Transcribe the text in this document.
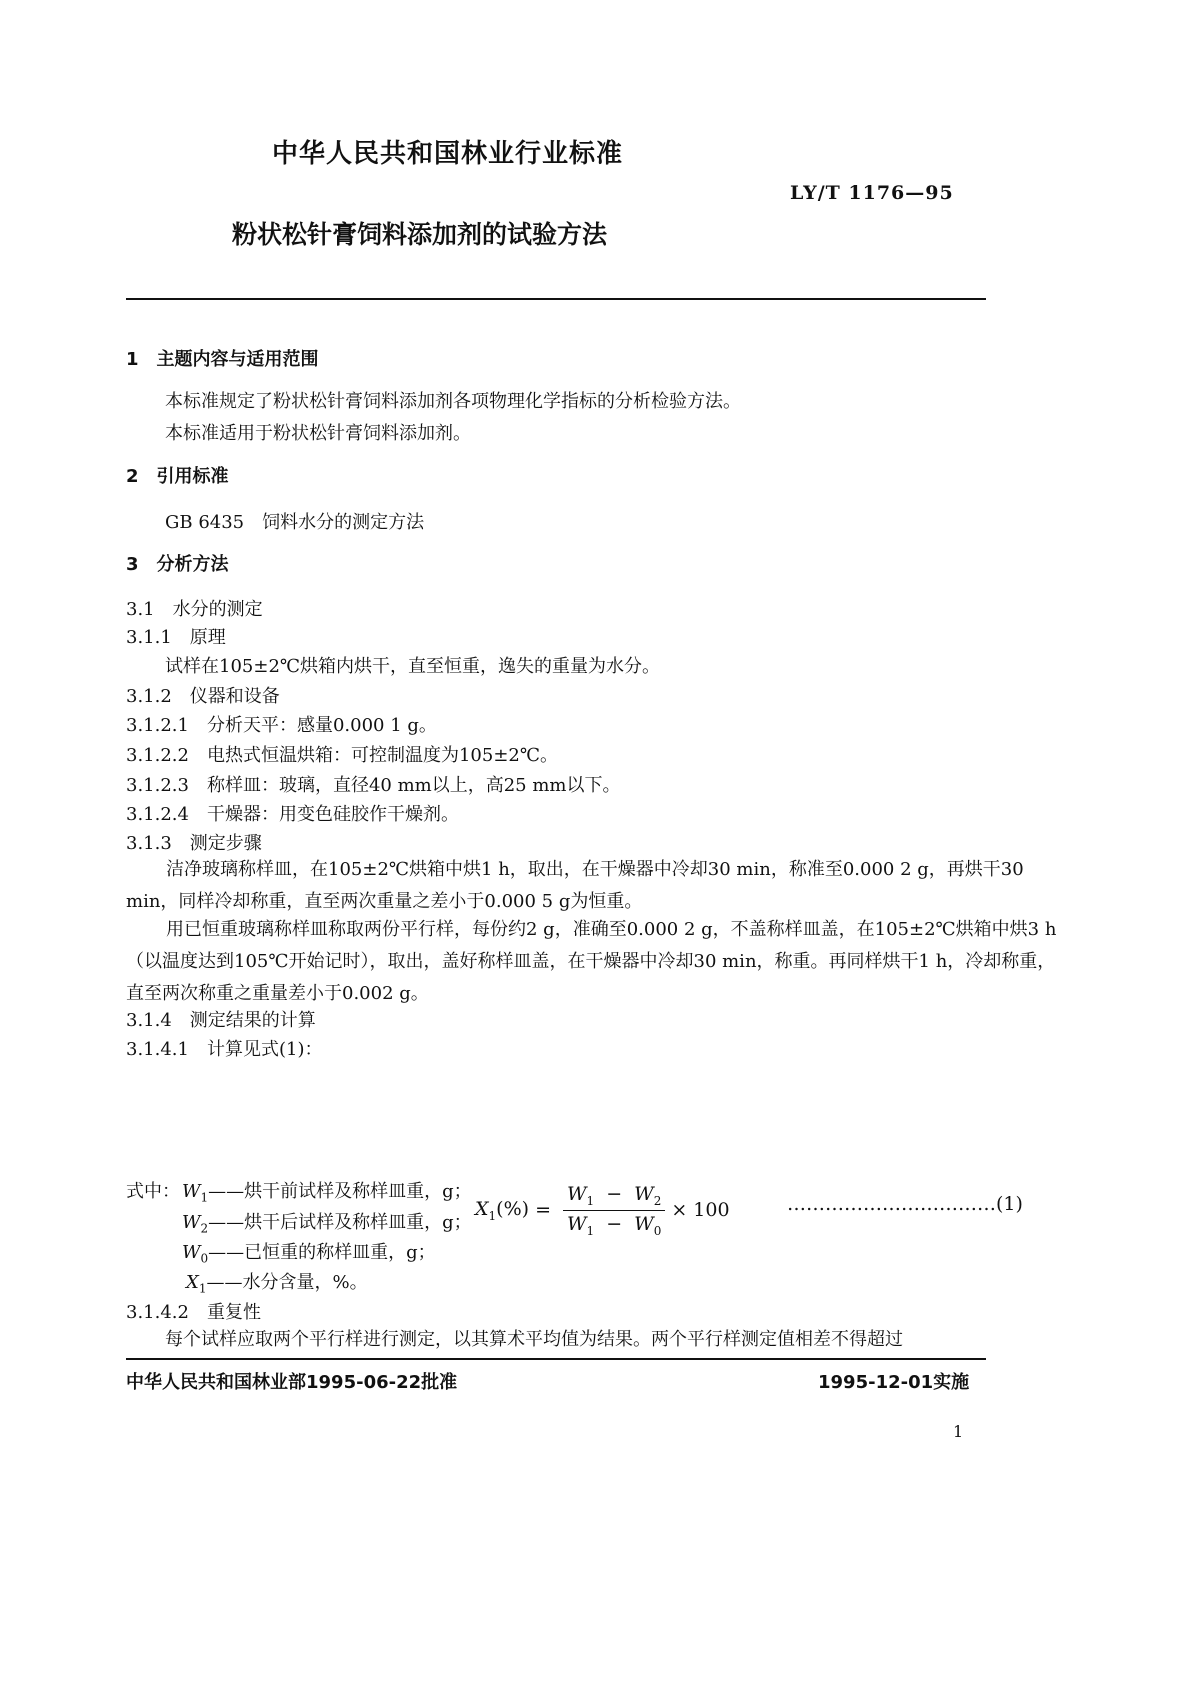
中华人民共和国林业行业标准
LY/T 1176—95
粉状松针膏饲料添加剂的试验方法
1　主题内容与适用范围
本标准规定了粉状松针膏饲料添加剂各项物理化学指标的分析检验方法。
本标准适用于粉状松针膏饲料添加剂。
2　引用标准
GB 6435　饲料水分的测定方法
3　分析方法
3.1　水分的测定
3.1.1　原理
试样在105±2℃烘箱内烘干，直至恒重，逸失的重量为水分。
3.1.2　仪器和设备
3.1.2.1　分析天平：感量0.000 1 g。
3.1.2.2　电热式恒温烘箱：可控制温度为105±2℃。
3.1.2.3　称样皿：玻璃，直径40 mm以上，高25 mm以下。
3.1.2.4　干燥器：用变色硅胶作干燥剂。
3.1.3　测定步骤
洁净玻璃称样皿，在105±2℃烘箱中烘1 h，取出，在干燥器中冷却30 min，称准至0.000 2 g，再烘干30 min，同样冷却称重，直至两次重量之差小于0.000 5 g为恒重。
用已恒重玻璃称样皿称取两份平行样，每份约2 g，准确至0.000 2 g，不盖称样皿盖，在105±2℃烘箱中烘3 h（以温度达到105℃开始记时），取出，盖好称样皿盖，在干燥器中冷却30 min，称重。再同样烘干1 h，冷却称重，直至两次称重之重量差小于0.002 g。
3.1.4　测定结果的计算
3.1.4.1　计算见式(1)：
$X_1(\%) = \frac{W_1 - W_2}{W_1 - W_0} \times 100$	……………………………(1)
式中： $W_1——$烘干前试样及称样皿重，g；
$W_2——$烘干后试样及称样皿重，g；
$W_0——$已恒重的称样皿重，g；
$X_1——$水分含量，%。
3.1.4.2　重复性
每个试样应取两个平行样进行测定，以其算术平均值为结果。两个平行样测定值相差不得超过
中华人民共和国林业部1995-06-22批准	1995-12-01实施
1
